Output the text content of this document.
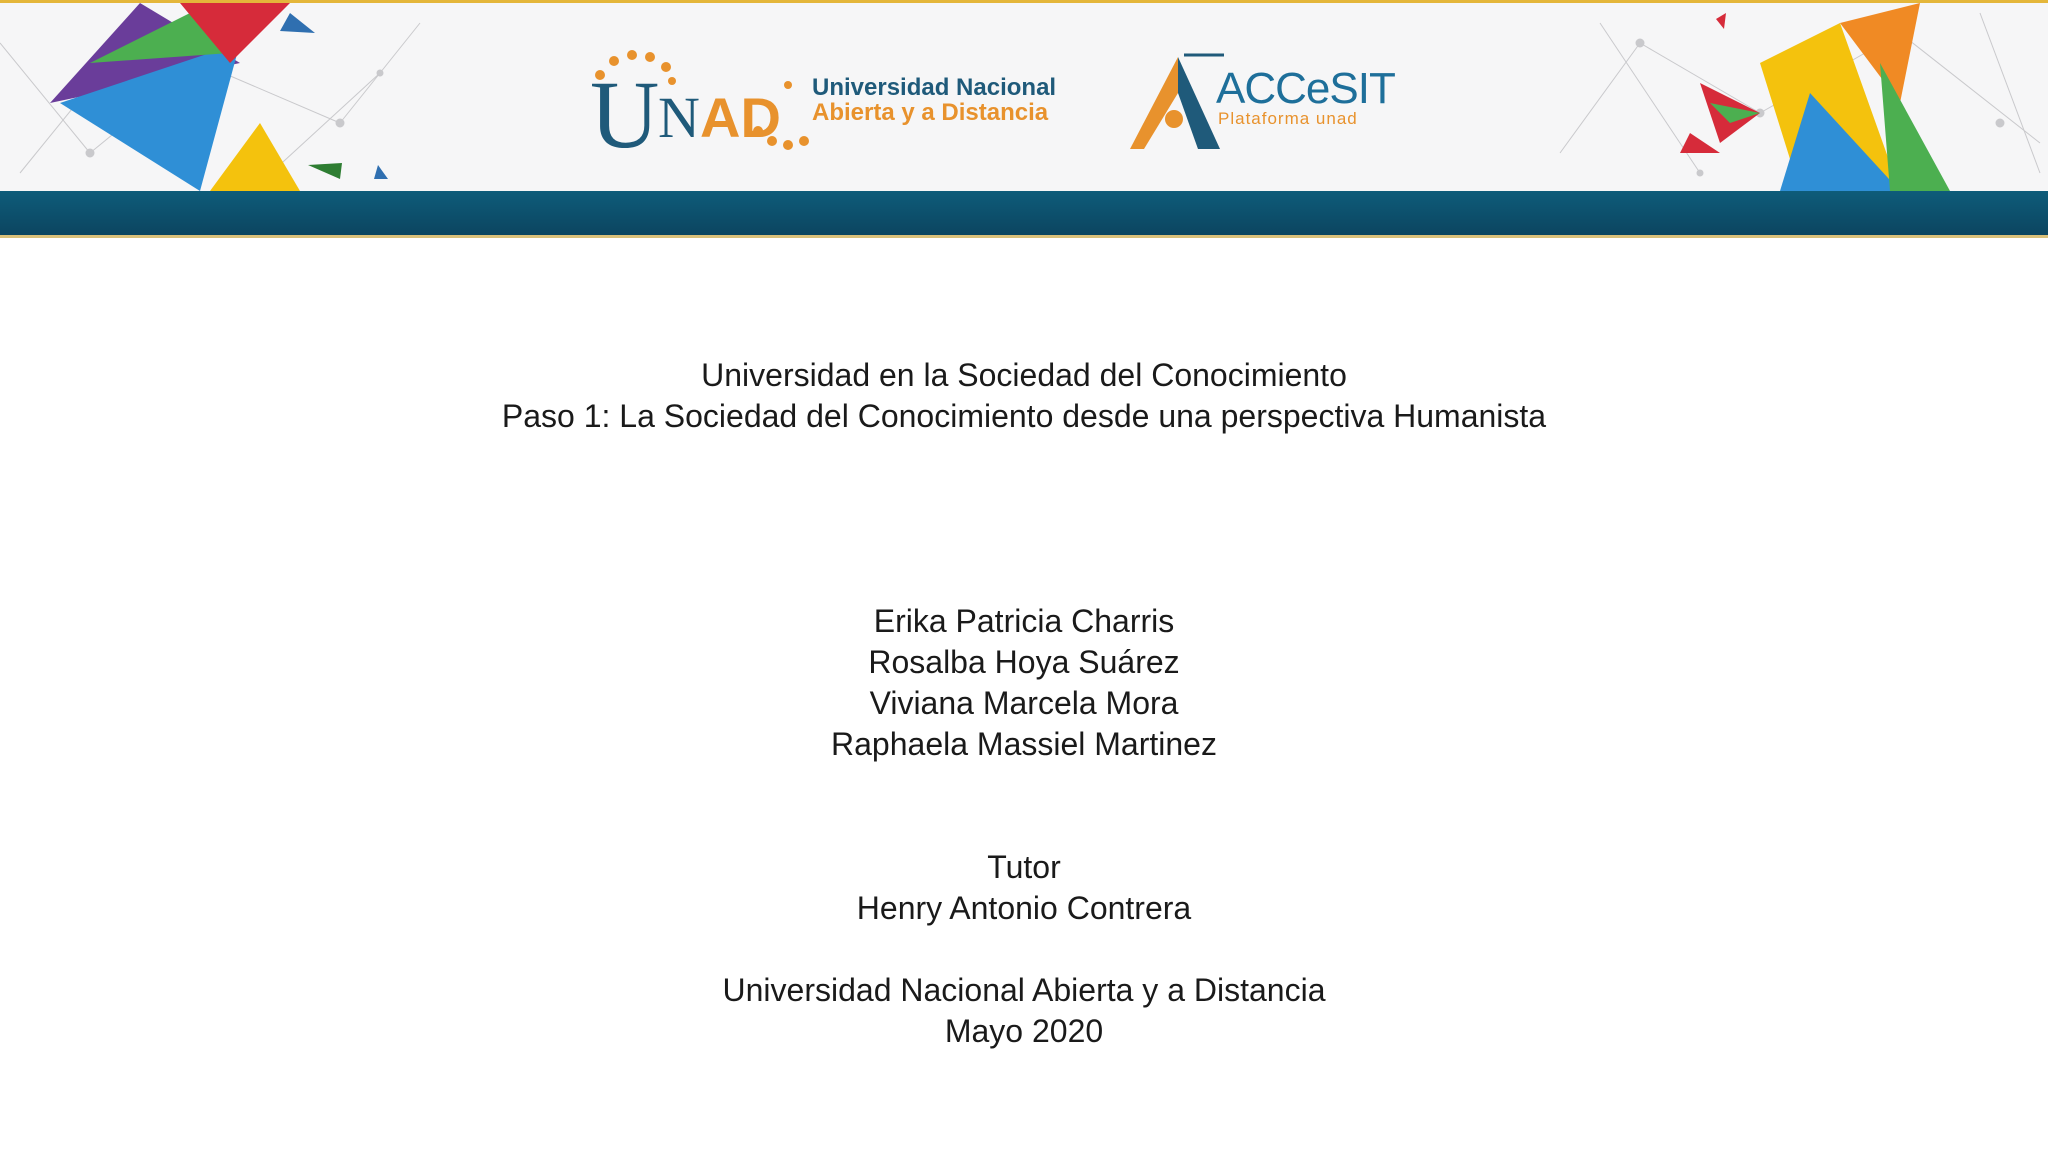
U
N AD Universidad Nacional
Abierta y a Distancia	ACCeSIT
Plataforma unad
Universidad en la Sociedad del Conocimiento
Paso 1: La Sociedad del Conocimiento desde una perspectiva Humanista
Erika Patricia Charris
Rosalba Hoya Suárez
Viviana Marcela Mora
Raphaela Massiel Martinez
Tutor
Henry Antonio Contrera
Universidad Nacional Abierta y a Distancia
Mayo 2020
